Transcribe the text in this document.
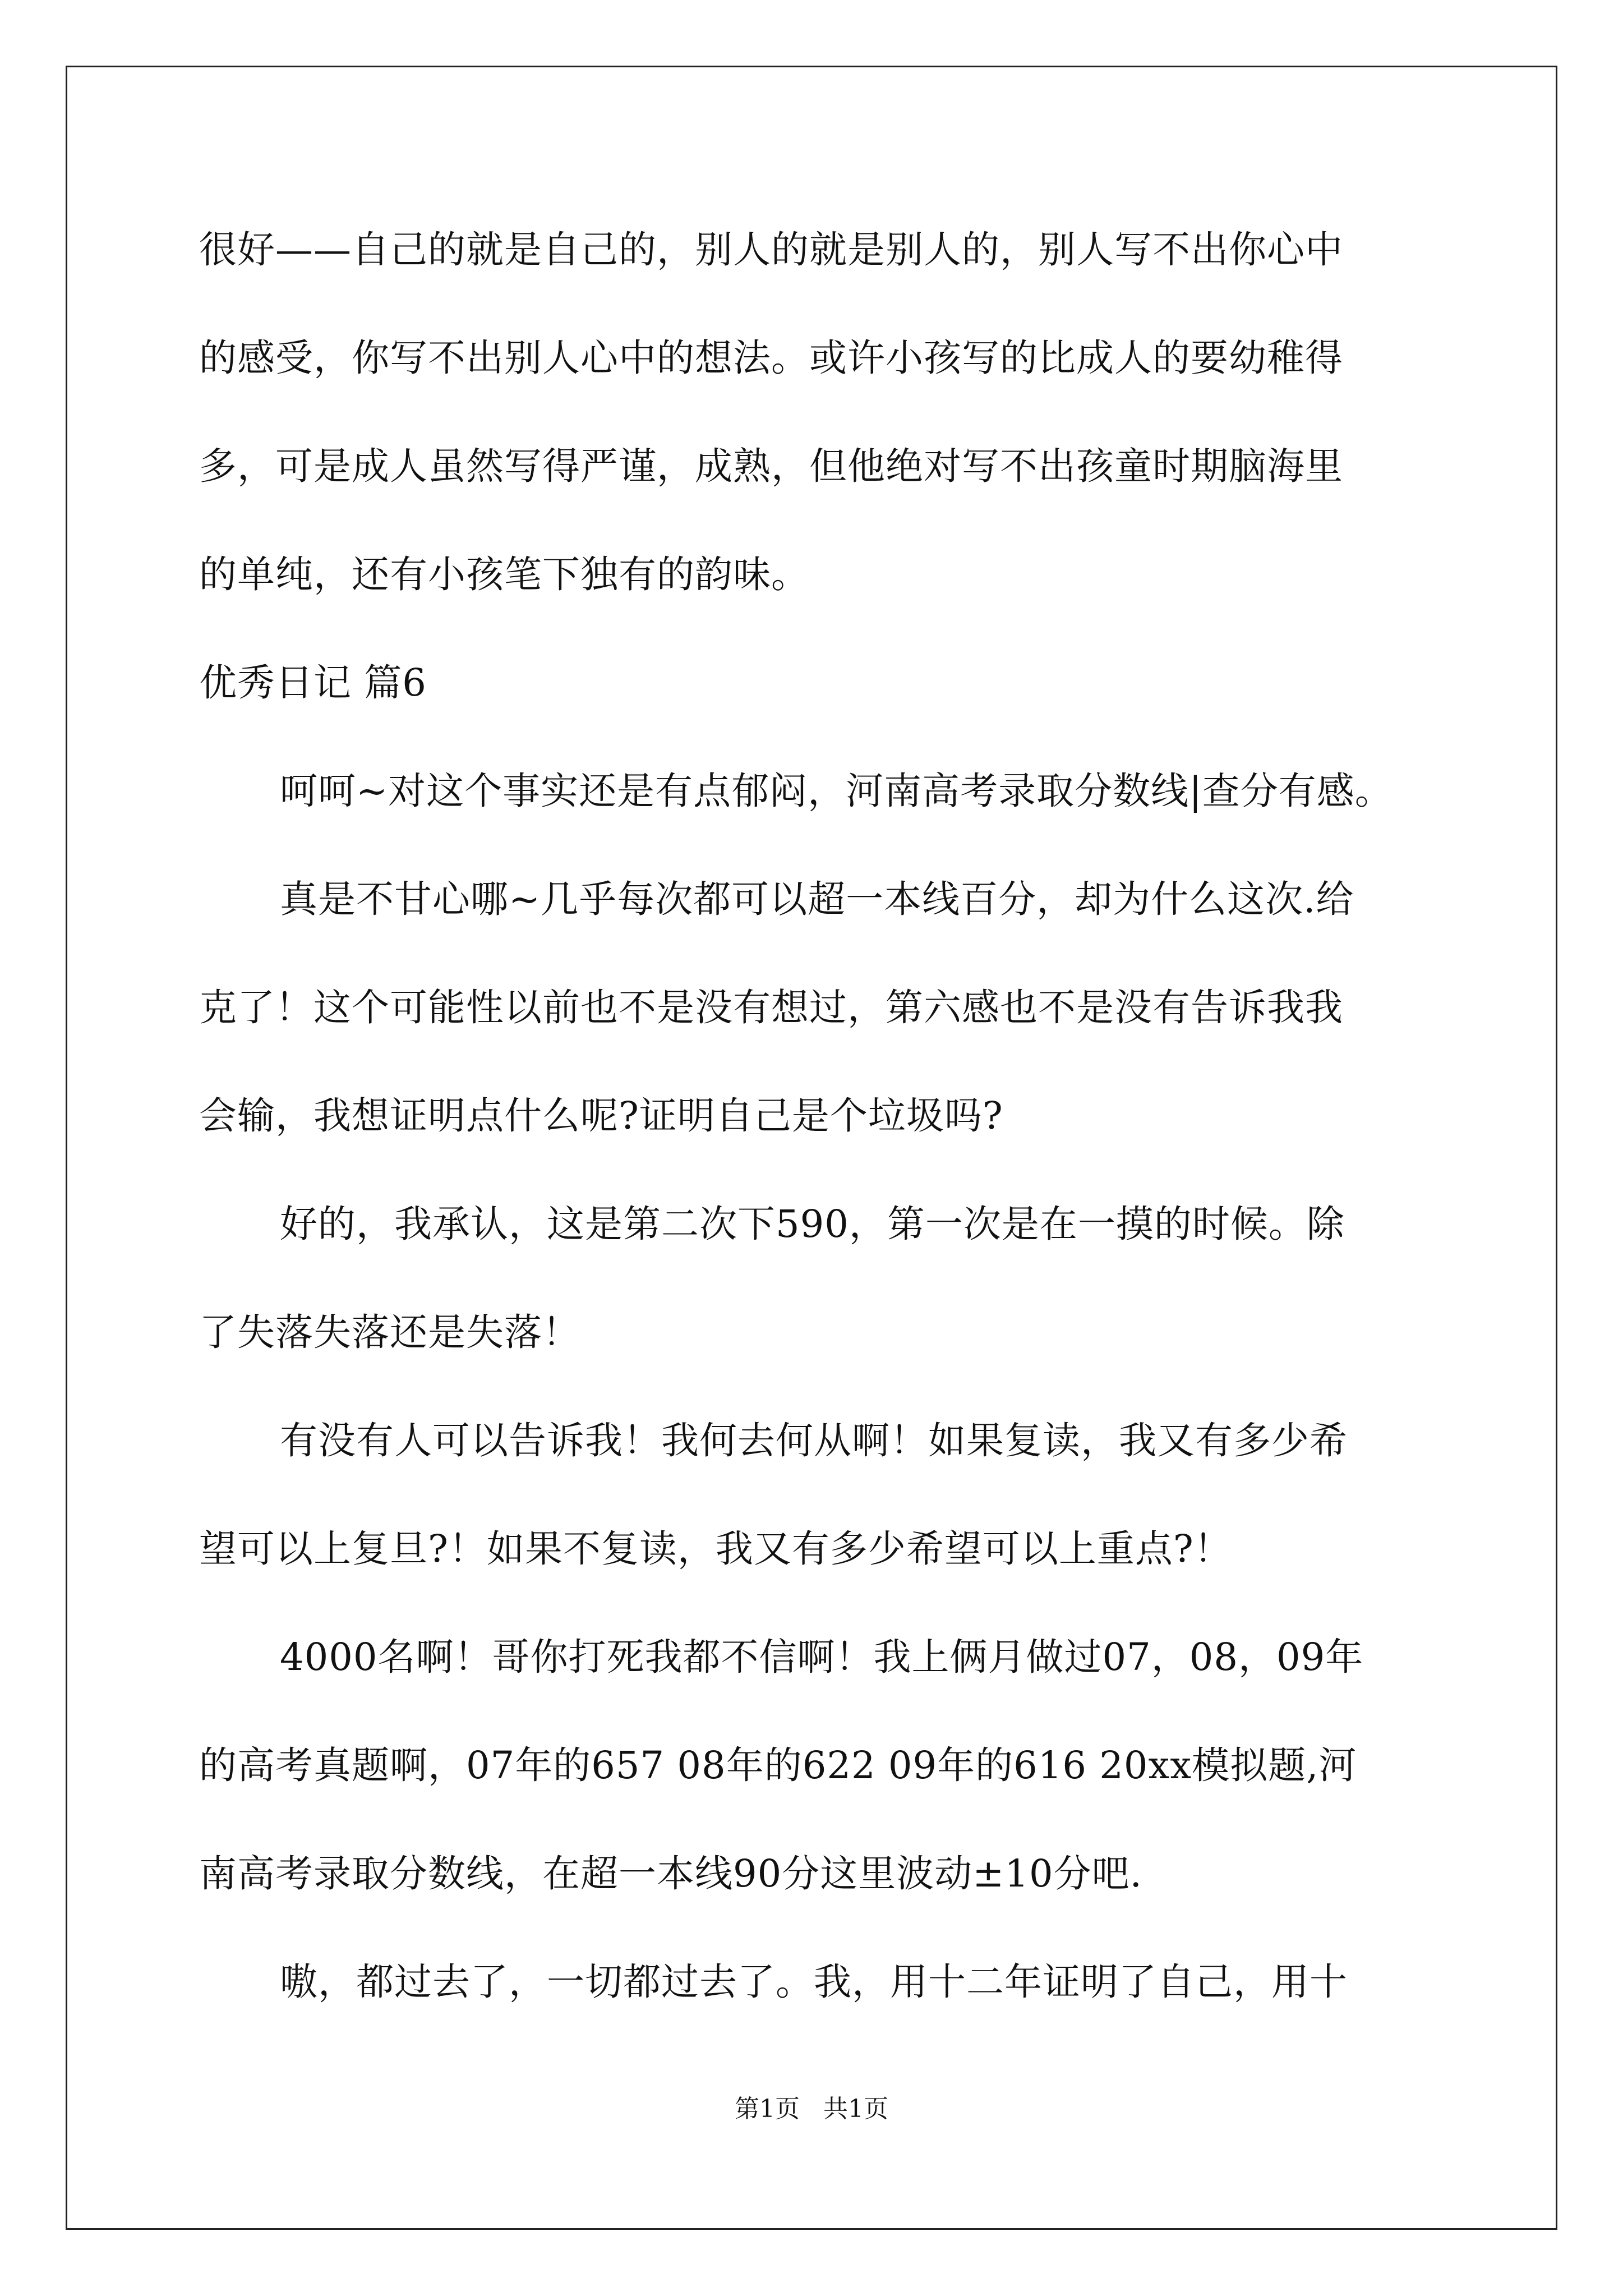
很好——自己的就是自己的，别人的就是别人的，别人写不出你心中
的感受，你写不出别人心中的想法。或许小孩写的比成人的要幼稚得
多，可是成人虽然写得严谨，成熟，但他绝对写不出孩童时期脑海里
的单纯，还有小孩笔下独有的韵味。
优秀日记 篇6
呵呵~对这个事实还是有点郁闷，河南高考录取分数线|查分有感。
真是不甘心哪~几乎每次都可以超一本线百分，却为什么这次.给
克了！这个可能性以前也不是没有想过，第六感也不是没有告诉我我
会输，我想证明点什么呢?证明自己是个垃圾吗?
好的，我承认，这是第二次下590，第一次是在一摸的时候。除
了失落失落还是失落！
有没有人可以告诉我！我何去何从啊！如果复读，我又有多少希
望可以上复旦?！如果不复读，我又有多少希望可以上重点?！
4000名啊！哥你打死我都不信啊！我上俩月做过07，08，09年
的高考真题啊，07年的657 08年的622 09年的616 20xx模拟题,河
南高考录取分数线，在超一本线90分这里波动±10分吧.
嗷，都过去了，一切都过去了。我，用十二年证明了自己，用十
第1页 共1页
